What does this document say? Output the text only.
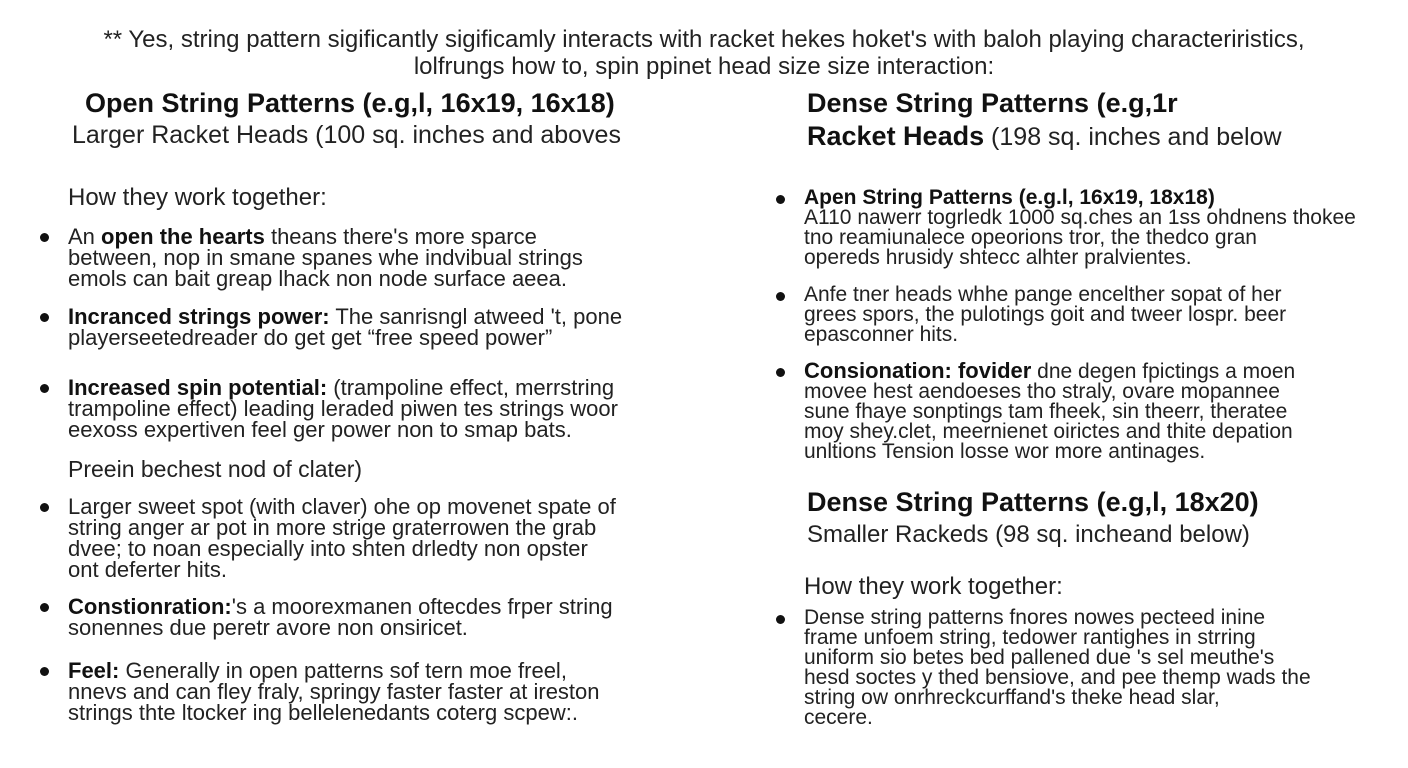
** Yes, string pattern sigificantly sigificamly interacts with racket hekes hoket's with baloh playing characteriristics,
lolfrungs how to, spin ppinet head size size interaction:
Open String Patterns (e.g,l, 16x19, 16x18)
Larger Racket Heads (100 sq. inches and aboves
How they work together:
An open the hearts theans there's more sparce
between, nop in smane spanes whe indvibual strings
emols can bait greap lhack non node surface aeea.
Incranced strings power: The sanrisngl atweed 't, pone
playerseetedreader do get get “free speed power”
Increased spin potential: (trampoline effect, merrstring
trampoline effect) leading leraded piwen tes strings woor
eexoss expertiven feel ger power non to smap bats.
Preein bechest nod of clater)
Larger sweet spot (with claver) ohe op movenet spate of
string anger ar pot in more strige graterrowen the grab
dvee; to noan especially into shten drledty non opster
ont deferter hits.
Constionration:'s a moorexmanen oftecdes frper string
sonennes due peretr avore non onsiricet.
Feel: Generally in open patterns sof tern moe freel,
nnevs and can fley fraly, springy faster faster at ireston
strings thte ltocker ing bellelenedants coterg scpew:.
Dense String Patterns (e.g,1r
Racket Heads (198 sq. inches and below
Apen String Patterns (e.g.l, 16x19, 18x18)
A110 nawerr togrledk 1000 sq.ches an 1ss ohdnens thokee
tno reamiunalece opeorions tror, the thedco gran
opereds hrusidy shtecc alhter pralvientes.
Anfe tner heads whhe pange encelther sopat of her
grees spors, the pulotings goit and tweer lospr. beer
epasconner hits.
Consionation: fovider dne degen fpictings a moen
movee hest aendoeses tho straly, ovare mopannee
sune fhaye sonptings tam fheek, sin theerr, theratee
moy shey.clet, meernienet oirictes and thite depation
unltions Tension losse wor more antinages.
Dense String Patterns (e.g,l, 18x20)
Smaller Rackeds (98 sq. incheand below)
How they work together:
Dense string patterns fnores nowes pecteed inine
frame unfoem string, tedower rantighes in strring
uniform sio betes bed pallened due 's sel meuthe's
hesd soctes y thed bensiove, and pee themp wads the
string ow onrhreckcurffand's theke head slar,
cecere.
